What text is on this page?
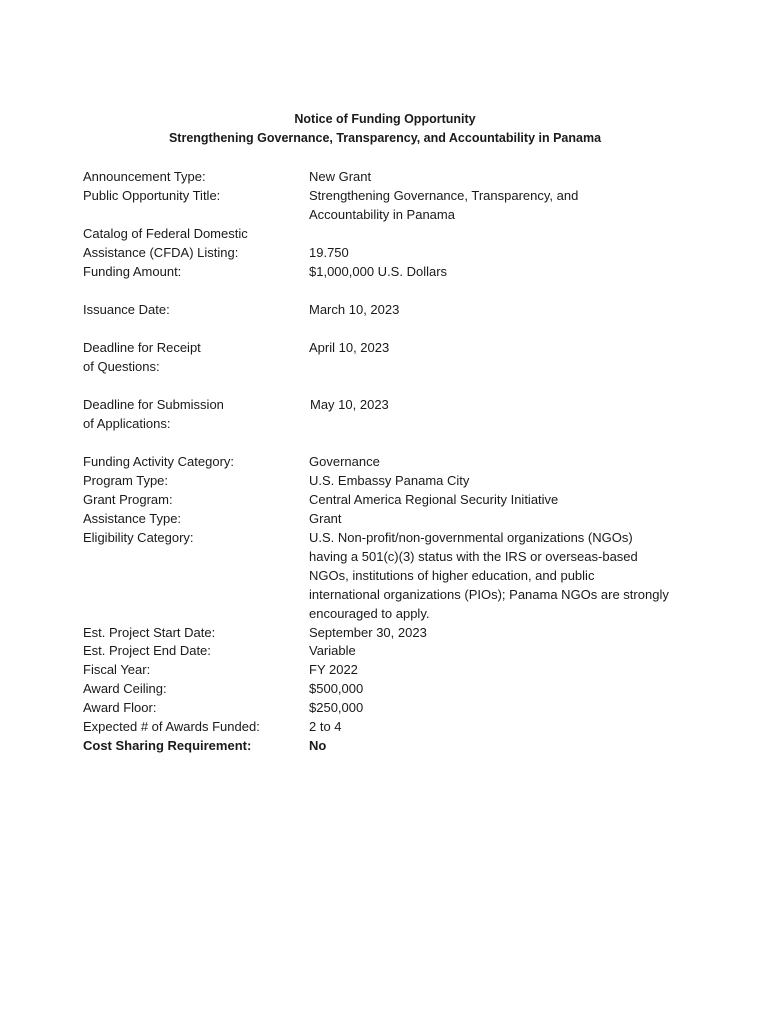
Notice of Funding Opportunity
Strengthening Governance, Transparency, and Accountability in Panama
Announcement Type:	New Grant
Public Opportunity Title:	Strengthening Governance, Transparency, and
Accountability in Panama
Catalog of Federal Domestic
Assistance (CFDA) Listing:	19.750
Funding Amount:	$1,000,000 U.S. Dollars
Issuance Date:	March 10, 2023
Deadline for Receipt
of Questions:
April 10, 2023
Deadline for Submission
of Applications:
May 10, 2023
Funding Activity Category:	Governance
Program Type:	U.S. Embassy Panama City
Grant Program:	Central America Regional Security Initiative
Assistance Type:	Grant
Eligibility Category:	U.S. Non-profit/non-governmental organizations (NGOs)
having a 501(c)(3) status with the IRS or overseas-based
NGOs, institutions of higher education, and public
international organizations (PIOs); Panama NGOs are strongly
encouraged to apply.
Est. Project Start Date:	September 30, 2023
Est. Project End Date:	Variable
Fiscal Year:	FY 2022
Award Ceiling:	$500,000
Award Floor:	$250,000
Expected # of Awards Funded:	2 to 4
Cost Sharing Requirement:	No
